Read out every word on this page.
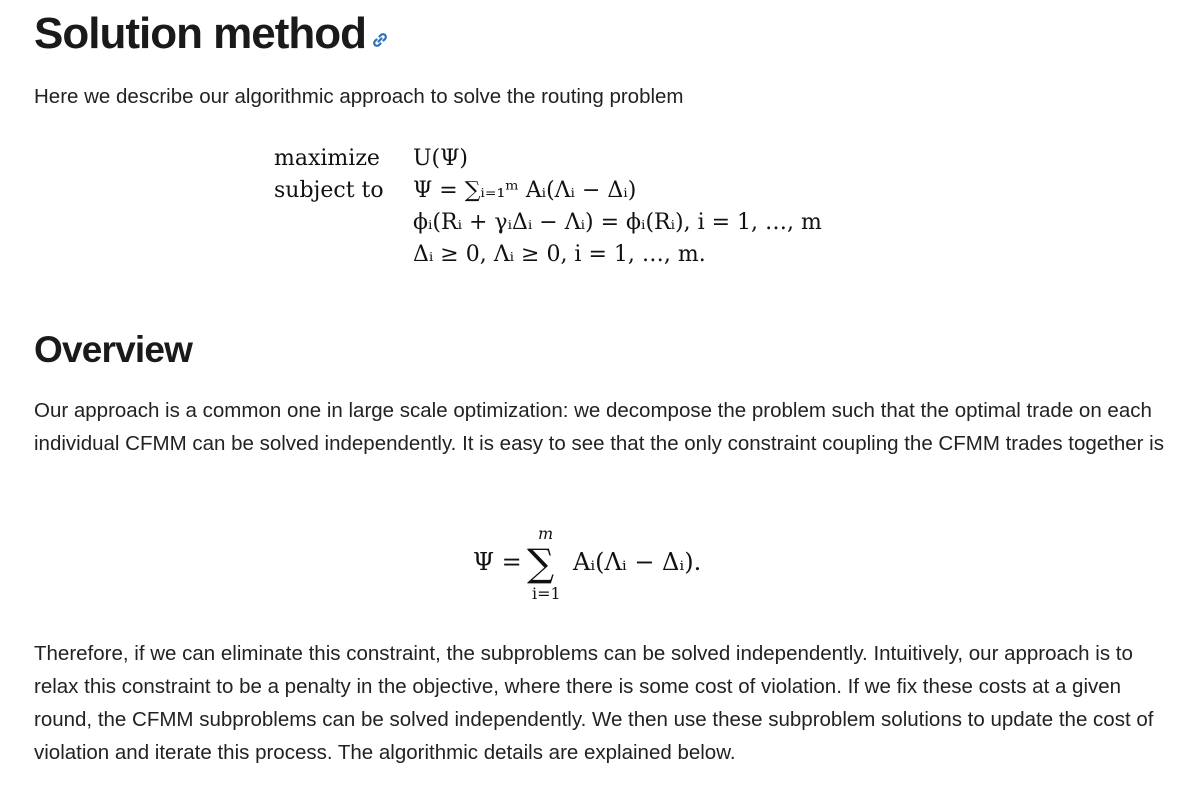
Solution method

Here we describe our algorithmic approach to solve the routing problem

maximize	U(Ψ)
subject to	Ψ = ∑ᵢ₌₁ᵐ Aᵢ(Λᵢ − Δᵢ)
ϕᵢ(Rᵢ + γᵢΔᵢ − Λᵢ) = ϕᵢ(Rᵢ), i = 1, …, m
Δᵢ ≥ 0, Λᵢ ≥ 0, i = 1, …, m.
Overview

Our approach is a common one in large scale optimization: we decompose the problem such that the optimal trade on each individual CFMM can be solved independently. It is easy to see that the only constraint coupling the CFMM trades together is

Ψ =
m
∑
i=1
Aᵢ(Λᵢ − Δᵢ).

Therefore, if we can eliminate this constraint, the subproblems can be solved independently. Intuitively, our approach is to relax this constraint to be a penalty in the objective, where there is some cost of violation. If we fix these costs at a given round, the CFMM subproblems can be solved independently. We then use these subproblem solutions to update the cost of violation and iterate this process. The algorithmic details are explained below.
